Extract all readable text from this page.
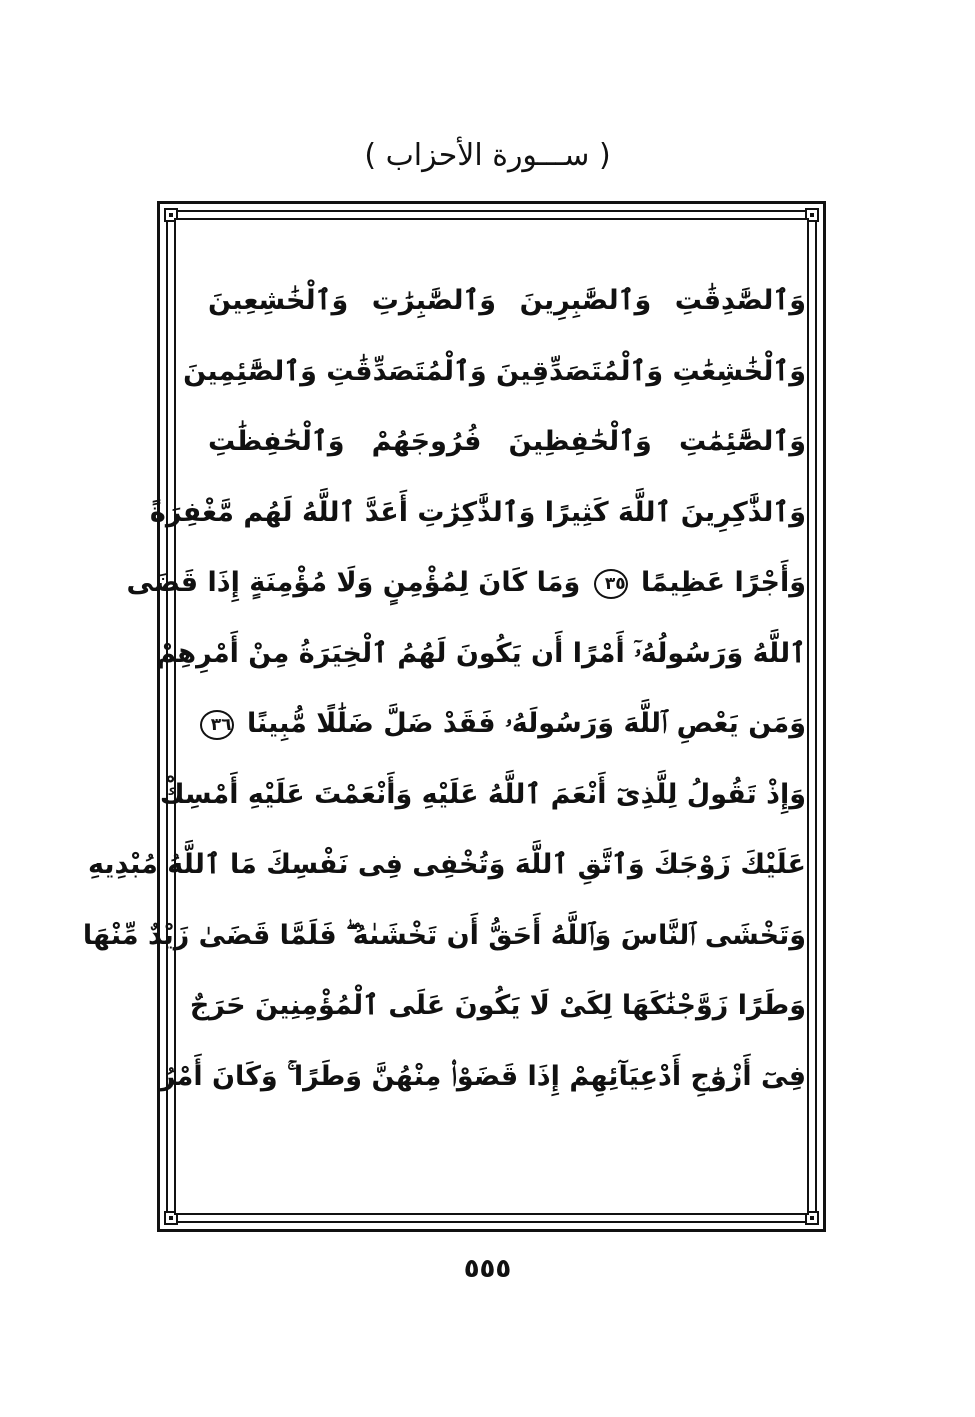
( ســـورة الأحزاب )
وَٱلصَّٰدِقَٰتِ وَٱلصَّٰبِرِينَ وَٱلصَّٰبِرَٰتِ وَٱلْخَٰشِعِينَ
وَٱلْخَٰشِعَٰتِ وَٱلْمُتَصَدِّقِينَ وَٱلْمُتَصَدِّقَٰتِ وَٱلصَّٰٓئِمِينَ
وَٱلصَّٰٓئِمَٰتِ وَٱلْحَٰفِظِينَ فُرُوجَهُمْ وَٱلْحَٰفِظَٰتِ
وَٱلذَّٰكِرِينَ ٱللَّهَ كَثِيرًا وَٱلذَّٰكِرَٰتِ أَعَدَّ ٱللَّهُ لَهُم مَّغْفِرَةً
وَأَجْرًا عَظِيمًا ٣٥ وَمَا كَانَ لِمُؤْمِنٍ وَلَا مُؤْمِنَةٍ إِذَا قَضَى
ٱللَّهُ وَرَسُولُهُۥٓ أَمْرًا أَن يَكُونَ لَهُمُ ٱلْخِيَرَةُ مِنْ أَمْرِهِمْ
وَمَن يَعْصِ ٱللَّهَ وَرَسُولَهُۥ فَقَدْ ضَلَّ ضَلَٰلًا مُّبِينًا ٣٦
وَإِذْ تَقُولُ لِلَّذِىٓ أَنْعَمَ ٱللَّهُ عَلَيْهِ وَأَنْعَمْتَ عَلَيْهِ أَمْسِكْ
عَلَيْكَ زَوْجَكَ وَٱتَّقِ ٱللَّهَ وَتُخْفِى فِى نَفْسِكَ مَا ٱللَّهُ مُبْدِيهِ
وَتَخْشَى ٱلنَّاسَ وَٱللَّهُ أَحَقُّ أَن تَخْشَىٰهُ ۖ فَلَمَّا قَضَىٰ زَيْدٌ مِّنْهَا
وَطَرًا زَوَّجْنَٰكَهَا لِكَىْ لَا يَكُونَ عَلَى ٱلْمُؤْمِنِينَ حَرَجٌ
فِىٓ أَزْوَٰجِ أَدْعِيَآئِهِمْ إِذَا قَضَوْا۟ مِنْهُنَّ وَطَرًا ۚ وَكَانَ أَمْرُ
٥٥٥
